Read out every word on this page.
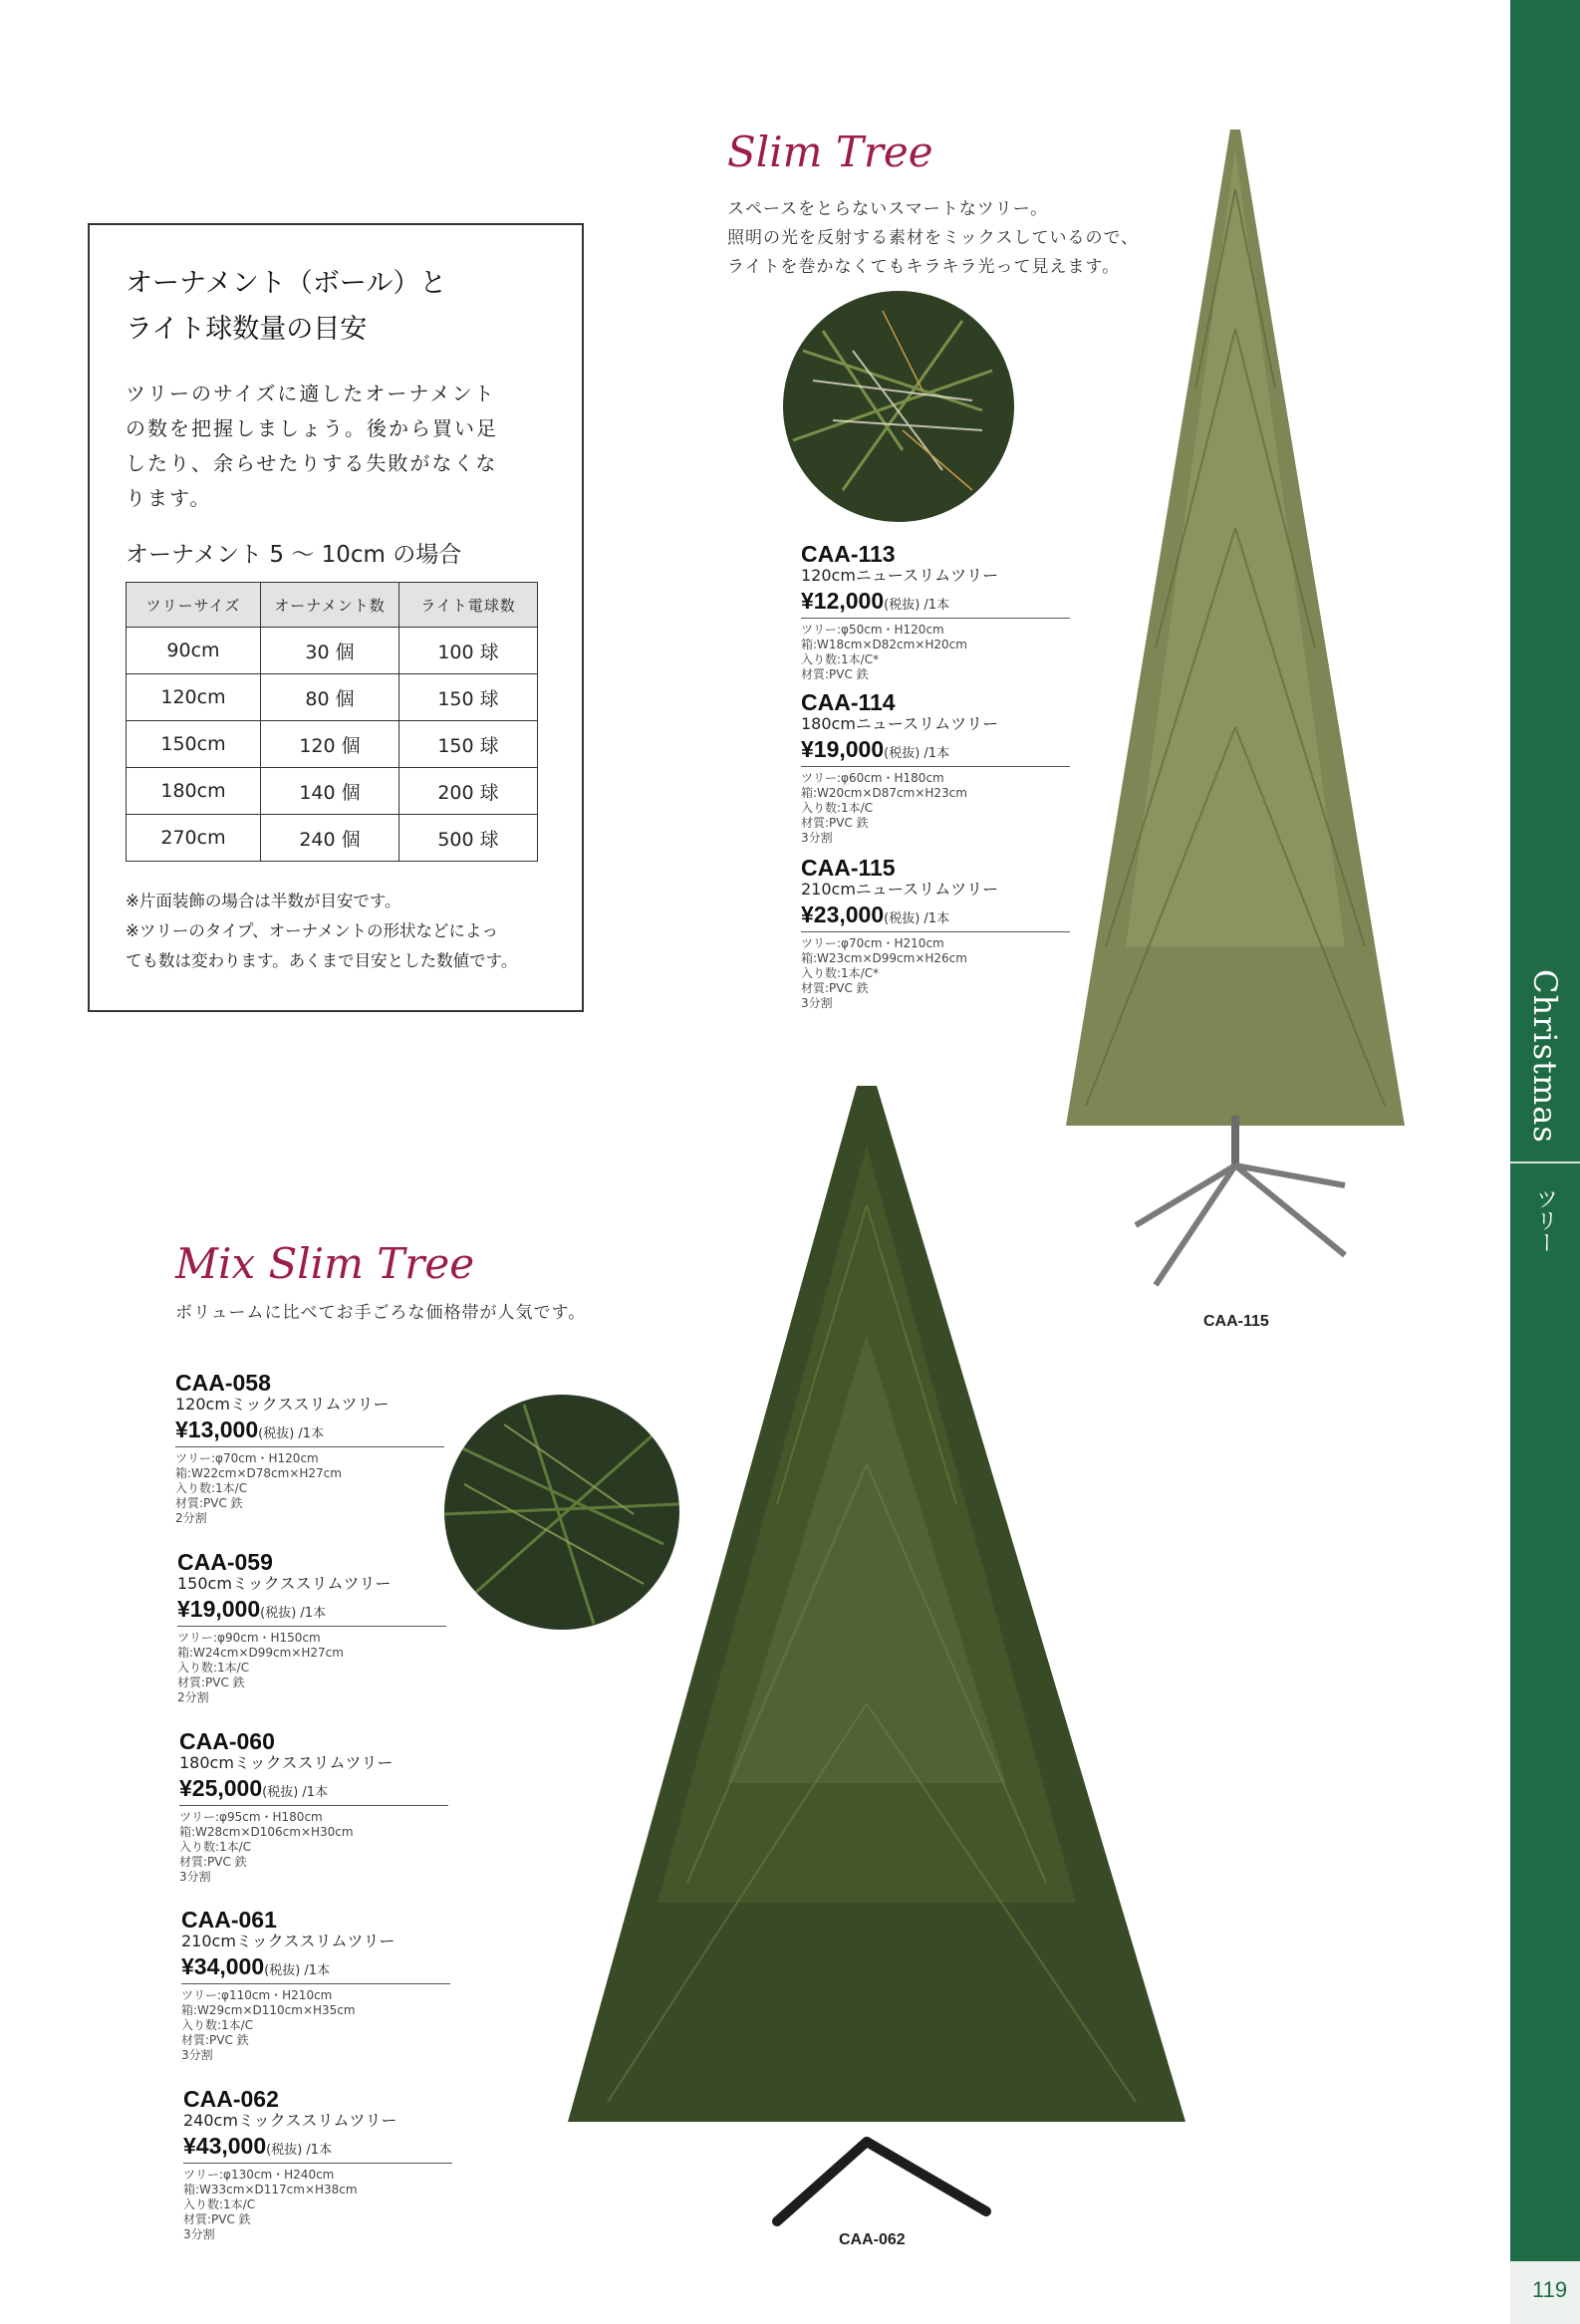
Christmas
ツリー
119
オーナメント（ボール）と
ライト球数量の目安
ツリーのサイズに適したオーナメント
の数を把握しましょう。後から買い足
したり、余らせたりする失敗がなくな
ります。
オーナメント 5 〜 10cm の場合
ツリーサイズ	オーナメント数	ライト電球数
90cm	30 個	100 球
120cm	80 個	150 球
150cm	120 個	150 球
180cm	140 個	200 球
270cm	240 個	500 球
※片面装飾の場合は半数が目安です。
※ツリーのタイプ、オーナメントの形状などによっ
ても数は変わります。あくまで目安とした数値です。
Slim Tree
スペースをとらないスマートなツリー。
照明の光を反射する素材をミックスしているので、
ライトを巻かなくてもキラキラ光って見えます。
CAA-115
CAA-113
120cmニュースリムツリー
¥12,000(税抜) /1本
ツリー:φ50cm・H120cm
箱:W18cm×D82cm×H20cm
入り数:1本/C*
材質:PVC 鉄
CAA-114
180cmニュースリムツリー
¥19,000(税抜) /1本
ツリー:φ60cm・H180cm
箱:W20cm×D87cm×H23cm
入り数:1本/C
材質:PVC 鉄
3分割
CAA-115
210cmニュースリムツリー
¥23,000(税抜) /1本
ツリー:φ70cm・H210cm
箱:W23cm×D99cm×H26cm
入り数:1本/C*
材質:PVC 鉄
3分割
Mix Slim Tree
ボリュームに比べてお手ごろな価格帯が人気です。
CAA-062
CAA-058
120cmミックススリムツリー
¥13,000(税抜) /1本
ツリー:φ70cm・H120cm
箱:W22cm×D78cm×H27cm
入り数:1本/C
材質:PVC 鉄
2分割
CAA-059
150cmミックススリムツリー
¥19,000(税抜) /1本
ツリー:φ90cm・H150cm
箱:W24cm×D99cm×H27cm
入り数:1本/C
材質:PVC 鉄
2分割
CAA-060
180cmミックススリムツリー
¥25,000(税抜) /1本
ツリー:φ95cm・H180cm
箱:W28cm×D106cm×H30cm
入り数:1本/C
材質:PVC 鉄
3分割
CAA-061
210cmミックススリムツリー
¥34,000(税抜) /1本
ツリー:φ110cm・H210cm
箱:W29cm×D110cm×H35cm
入り数:1本/C
材質:PVC 鉄
3分割
CAA-062
240cmミックススリムツリー
¥43,000(税抜) /1本
ツリー:φ130cm・H240cm
箱:W33cm×D117cm×H38cm
入り数:1本/C
材質:PVC 鉄
3分割
